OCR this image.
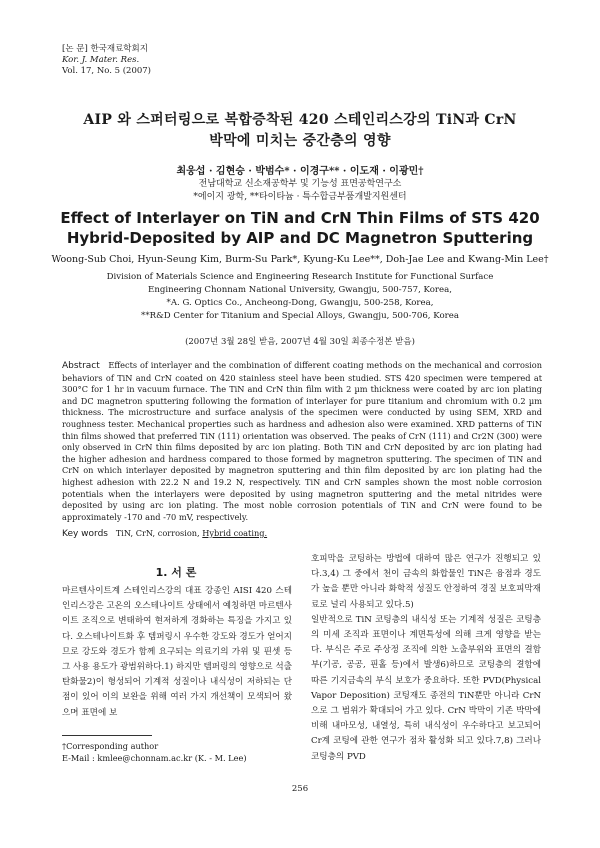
[논 문] 한국재료학회지
Kor. J. Mater. Res.
Vol. 17, No. 5 (2007)
AIP 와 스퍼터링으로 복합증착된 420 스테인리스강의 TiN과 CrN
박막에 미치는 중간층의 영향
최웅섭 · 김현승 · 박범수* · 이경구** · 이도재 · 이광민†
전남대학교 신소재공학부 및 기능성 표면공학연구소
*에이지 광학, **타이타늄 · 특수합금부품개발지원센터
Effect of Interlayer on TiN and CrN Thin Films of STS 420
Hybrid-Deposited by AIP and DC Magnetron Sputtering
Woong-Sub Choi, Hyun-Seung Kim, Burm-Su Park*, Kyung-Ku Lee**, Doh-Jae Lee and Kwang-Min Lee†
Division of Materials Science and Engineering Research Institute for Functional Surface
Engineering Chonnam National University, Gwangju, 500-757, Korea,
*A. G. Optics Co., Ancheong-Dong, Gwangju, 500-258, Korea,
**R&D Center for Titanium and Special Alloys, Gwangju, 500-706, Korea
(2007년 3월 28일 받음, 2007년 4월 30일 최종수정본 받음)
Abstract Effects of interlayer and the combination of different coating methods on the mechanical and corrosion behaviors of TiN and CrN coated on 420 stainless steel have been studied. STS 420 specimen were tempered at 300°C for 1 hr in vacuum furnace. The TiN and CrN thin film with 2 µm thickness were coated by arc ion plating and DC magnetron sputtering following the formation of interlayer for pure titanium and chromium with 0.2 µm thickness. The microstructure and surface analysis of the specimen were conducted by using SEM, XRD and roughness tester. Mechanical properties such as hardness and adhesion also were examined. XRD patterns of TiN thin films showed that preferred TiN (111) orientation was observed. The peaks of CrN (111) and Cr2N (300) were only observed in CrN thin films deposited by arc ion plating. Both TiN and CrN deposited by arc ion plating had the higher adhesion and hardness compared to those formed by magnetron sputtering. The specimen of TiN and CrN on which interlayer deposited by magnetron sputtering and thin film deposited by arc ion plating had the highest adhesion with 22.2 N and 19.2 N, respectively. TiN and CrN samples shown the most noble corrosion potentials when the interlayers were deposited by using magnetron sputtering and the metal nitrides were deposited by using arc ion plating. The most noble corrosion potentials of TiN and CrN were found to be approximately -170 and -70 mV, respectively.
Key words TiN, CrN, corrosion, Hybrid coating.
1. 서 론

마르텐사이트계 스테인리스강의 대표 강종인 AISI 420 스테인리스강은 고온의 오스테나이트 상태에서 예칭하면 마르텐사이트 조직으로 변태하여 현저하게 경화하는 특징을 가지고 있다. 오스테나이트화 후 템퍼링시 우수한 강도와 경도가 얻어지므로 강도와 경도가 함께 요구되는 의료기의 가위 및 핀셋 등 그 사용 용도가 광범위하다.1) 하지만 템퍼링의 영향으로 석출탄화물2)이 형성되어 기계적 성질이나 내식성이 저하되는 단점이 있어 이의 보완을 위해 여러 가지 개선책이 모색되어 왔으며 표면에 보

호피막을 코팅하는 방법에 대하여 많은 연구가 진행되고 있다.3,4) 그 중에서 천이 금속의 화합물인 TiN은 융점과 경도가 높을 뿐만 아니라 화학적 성질도 안정하여 경질 보호피막재료로 널리 사용되고 있다.5)

일반적으로 TiN 코팅층의 내식성 또는 기계적 성질은 코팅층의 미세 조직과 표면이나 계면특성에 의해 크게 영향을 받는다. 부식은 주로 주상정 조직에 의한 노출부위와 표면의 결함부(기공, 공공, 핀홀 등)에서 발생6)하므로 코팅층의 결함에 따른 기지금속의 부식 보호가 중요하다. 또한 PVD(Physical Vapor Deposition) 코팅재도 종전의 TiN뿐만 아니라 CrN으로 그 범위가 확대되어 가고 있다. CrN 박막이 기존 박막에 비해 내마모성, 내열성, 특히 내식성이 우수하다고 보고되어 Cr계 코팅에 관한 연구가 점차 활성화 되고 있다.7,8) 그러나 코팅층의 PVD

†Corresponding author
E-Mail : kmlee@chonnam.ac.kr (K. - M. Lee)
256
